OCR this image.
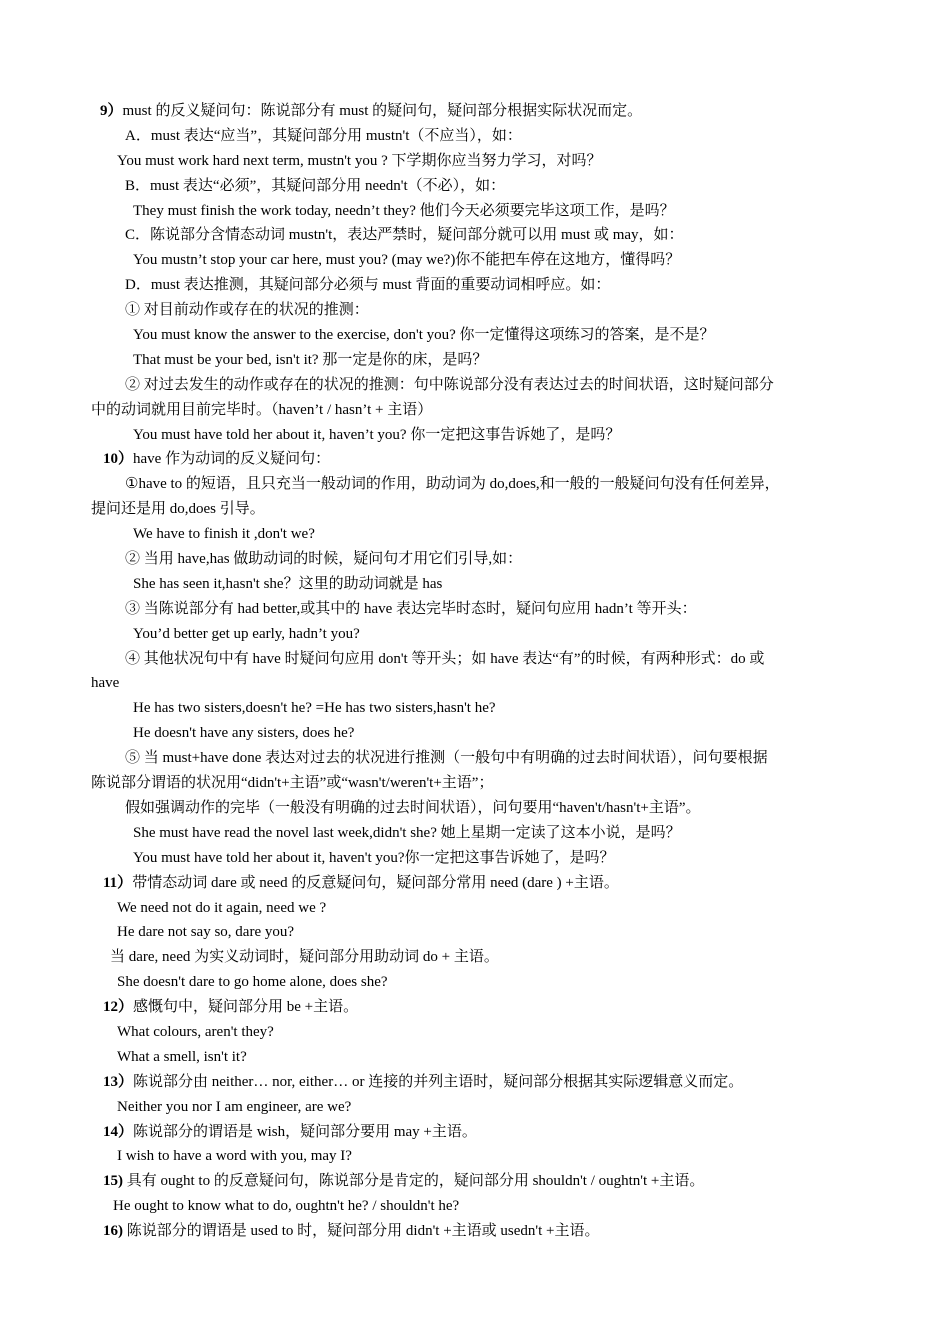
9）must 的反义疑问句：陈说部分有 must 的疑问句，疑问部分根据实际状况而定。
A．must 表达“应当”，其疑问部分用 mustn't（不应当），如：
You must work hard next term, mustn't you ? 下学期你应当努力学习，对吗？
B．must 表达“必须”，其疑问部分用 needn't（不必），如：
They must finish the work today, needn’t they? 他们今天必须要完毕这项工作，是吗？
C．陈说部分含情态动词 mustn't，表达严禁时，疑问部分就可以用 must 或 may，如：
You mustn’t stop your car here, must you? (may we?)你不能把车停在这地方，懂得吗？
D．must 表达推测，其疑问部分必须与 must 背面的重要动词相呼应。如：
① 对目前动作或存在的状况的推测：
You must know the answer to the exercise, don't you? 你一定懂得这项练习的答案，是不是？
That must be your bed, isn't it? 那一定是你的床，是吗？
② 对过去发生的动作或存在的状况的推测：句中陈说部分没有表达过去的时间状语，这时疑问部分
中的动词就用目前完毕时。（haven’t / hasn’t + 主语）
You must have told her about it, haven’t you? 你一定把这事告诉她了，是吗？
10）have 作为动词的反义疑问句：
①have to 的短语，且只充当一般动词的作用，助动词为 do,does,和一般的一般疑问句没有任何差异，
提问还是用 do,does 引导。
We have to finish it ,don't we?
② 当用 have,has 做助动词的时候，疑问句才用它们引导,如：
She has seen it,hasn't she？这里的助动词就是 has
③ 当陈说部分有 had better,或其中的 have 表达完毕时态时，疑问句应用 hadn’t 等开头：
You’d better get up early, hadn’t you?
④ 其他状况句中有 have 时疑问句应用 don't 等开头；如 have 表达“有”的时候，有两种形式：do 或
have
He has two sisters,doesn't he? =He has two sisters,hasn't he?
He doesn't have any sisters, does he?
⑤ 当 must+have done 表达对过去的状况进行推测（一般句中有明确的过去时间状语），问句要根据
陈说部分谓语的状况用“didn't+主语”或“wasn't/weren't+主语”；
假如强调动作的完毕（一般没有明确的过去时间状语），问句要用“haven't/hasn't+主语”。
She must have read the novel last week,didn't she? 她上星期一定读了这本小说，是吗？
You must have told her about it, haven't you?你一定把这事告诉她了，是吗？
11）带情态动词 dare 或 need 的反意疑问句，疑问部分常用 need (dare ) +主语。
We need not do it again, need we ?
He dare not say so, dare you?
当 dare, need 为实义动词时，疑问部分用助动词 do + 主语。
She doesn't dare to go home alone, does she?
12）感慨句中，疑问部分用 be +主语。
What colours, aren't they?
What a smell, isn't it?
13）陈说部分由 neither… nor, either… or 连接的并列主语时，疑问部分根据其实际逻辑意义而定。
Neither you nor I am engineer, are we?
14）陈说部分的谓语是 wish，疑问部分要用 may +主语。
I wish to have a word with you, may I?
15) 具有 ought to 的反意疑问句，陈说部分是肯定的，疑问部分用 shouldn't / oughtn't +主语。
He ought to know what to do, oughtn't he? / shouldn't he?
16) 陈说部分的谓语是 used to 时，疑问部分用 didn't +主语或 usedn't +主语。
